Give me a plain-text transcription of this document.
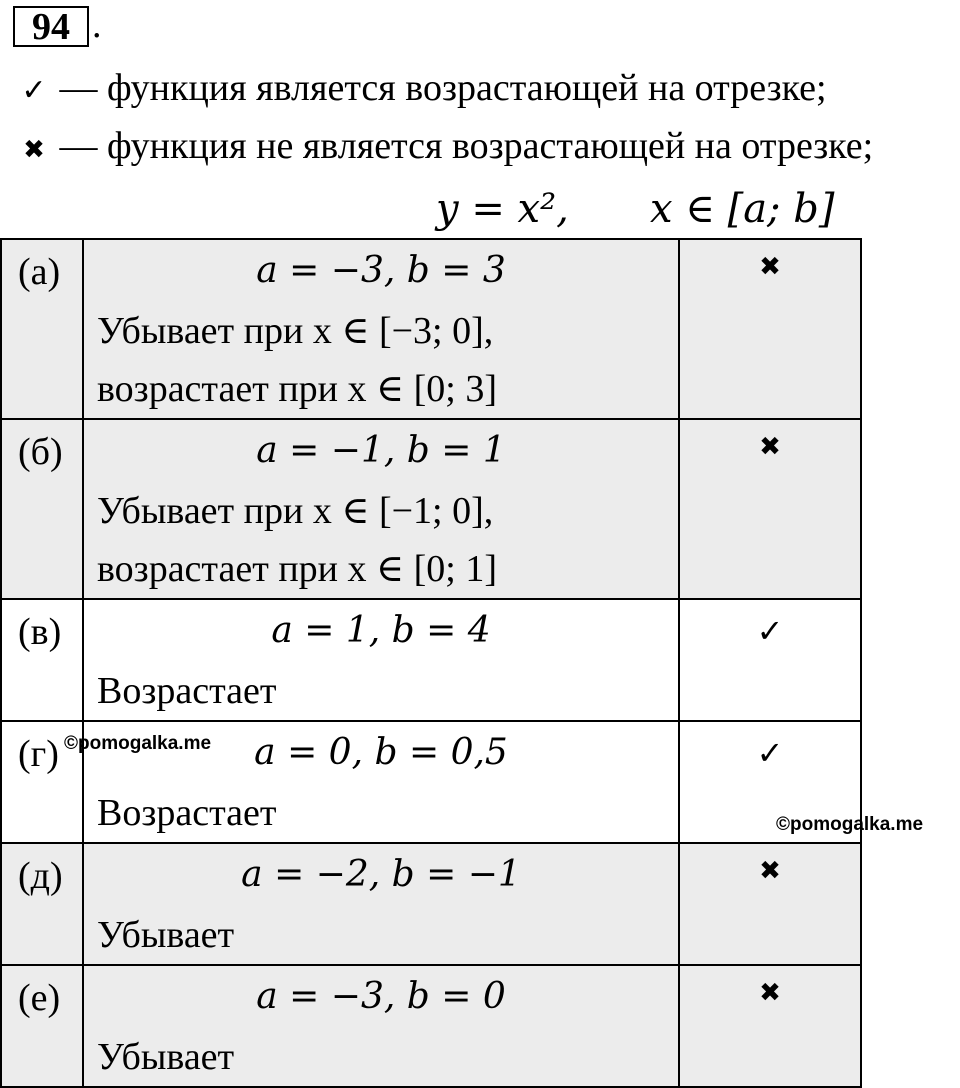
94 .
✓ — функция является возрастающей на отрезке;
✖ — функция не является возрастающей на отрезке;
y = x², x ∈ [a; b]
(а)	a = −3, b = 3
Убывает при x ∈ [−3; 0],
возрастает при x ∈ [0; 3]	✖
(б)	a = −1, b = 1
Убывает при x ∈ [−1; 0],
возрастает при x ∈ [0; 1]	✖
(в)	a = 1, b = 4
Возрастает	✓
(г)	a = 0, b = 0,5
Возрастает	✓
(д)	a = −2, b = −1
Убывает	✖
(е)	a = −3, b = 0
Убывает	✖
©pomogalka.me
©pomogalka.me
